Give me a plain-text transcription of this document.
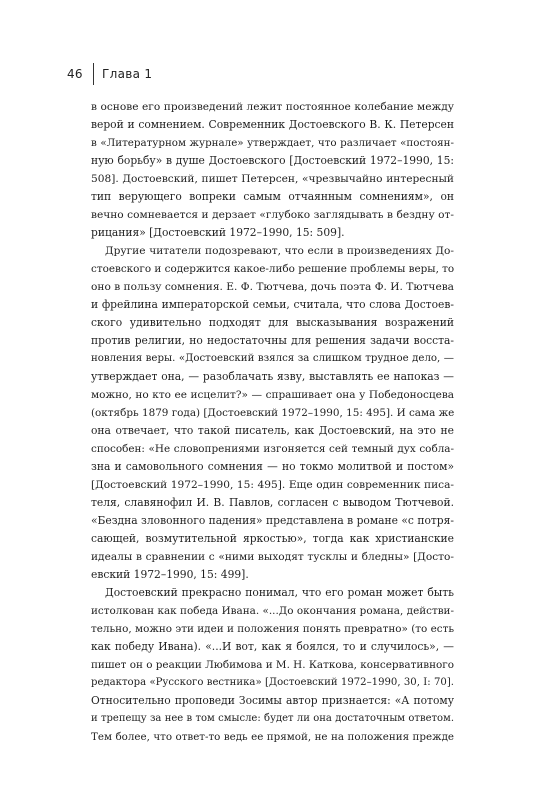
46	Глава 1
в основе его произведений лежит постоянное колебание между
верой и сомнением. Современник Достоевского В. К. Петерсен
в «Литературном журнале» утверждает, что различает «постоян-
ную борьбу» в душе Достоевского [Достоевский 1972–1990, 15:
508]. Достоевский, пишет Петерсен, «чрезвычайно интересный
тип верующего вопреки самым отчаянным сомнениям», он
вечно сомневается и дерзает «глубоко заглядывать в бездну от-
рицания» [Достоевский 1972–1990, 15: 509].
Другие читатели подозревают, что если в произведениях До-
стоевского и содержится какое-либо решение проблемы веры, то
оно в пользу сомнения. Е. Ф. Тютчева, дочь поэта Ф. И. Тютчева
и фрейлина императорской семьи, считала, что слова Достоев-
ского удивительно подходят для высказывания возражений
против религии, но недостаточны для решения задачи восста-
новления веры. «Достоевский взялся за слишком трудное дело, —
утверждает она, — разоблачать язву, выставлять ее напоказ —
можно, но кто ее исцелит?» — спрашивает она у Победоносцева
(октябрь 1879 года) [Достоевский 1972–1990, 15: 495]. И сама же
она отвечает, что такой писатель, как Достоевский, на это не
способен: «Не словопрениями изгоняется сей темный дух собла-
зна и самовольного сомнения — но токмо молитвой и постом»
[Достоевский 1972–1990, 15: 495]. Еще один современник писа-
теля, славянофил И. В. Павлов, согласен с выводом Тютчевой.
«Бездна зловонного падения» представлена в романе «с потря-
сающей, возмутительной яркостью», тогда как христианские
идеалы в сравнении с «ними выходят тусклы и бледны» [Досто-
евский 1972–1990, 15: 499].
Достоевский прекрасно понимал, что его роман может быть
истолкован как победа Ивана. «...До окончания романа, действи-
тельно, можно эти идеи и положения понять превратно» (то есть
как победу Ивана). «...И вот, как я боялся, то и случилось», —
пишет он о реакции Любимова и М. Н. Каткова, консервативного
редактора «Русского вестника» [Достоевский 1972–1990, 30, I: 70].
Относительно проповеди Зосимы автор признается: «А потому
и трепещу за нее в том смысле: будет ли она достаточным ответом.
Тем более, что ответ-то ведь ее прямой, не на положения прежде
